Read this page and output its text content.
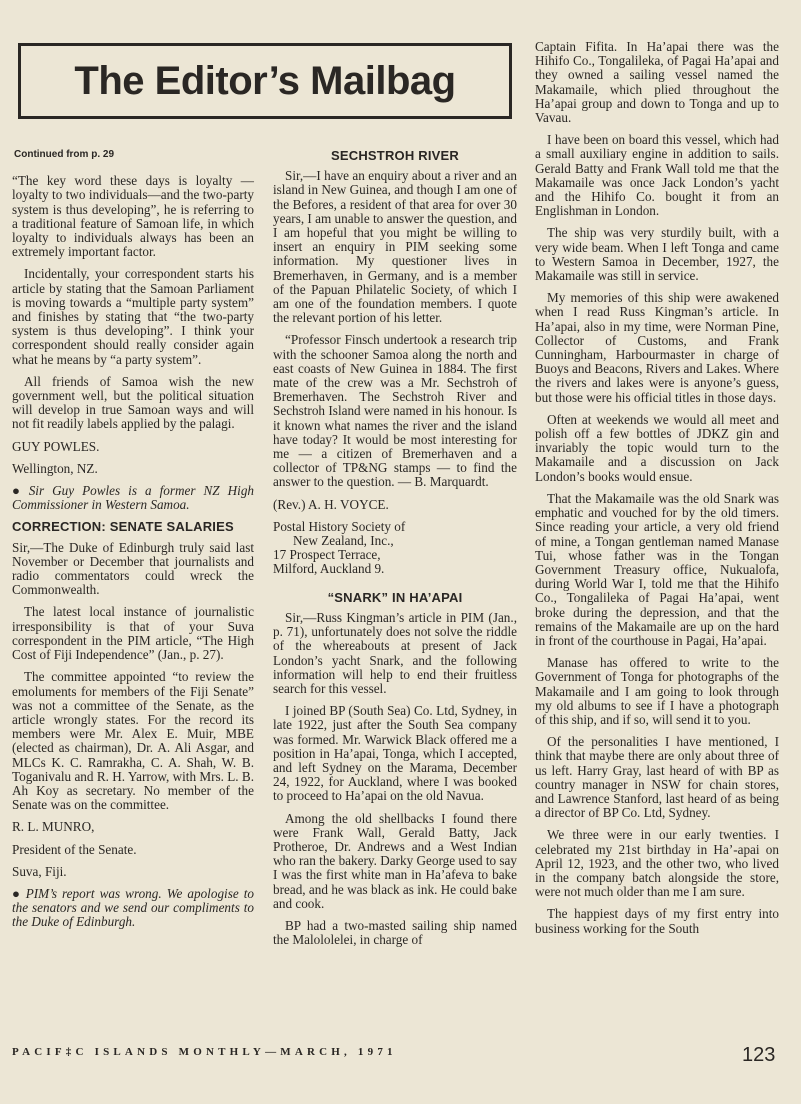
The Editor’s Mailbag
Continued from p. 29

“The key word these days is loyalty —loyalty to two individuals—and the two-party system is thus developing”, he is referring to a traditional feature of Samoan life, in which loyalty to individuals always has been an extremely important factor.

Incidentally, your correspondent starts his article by stating that the Samoan Parliament is moving towards a “multiple party system” and finishes by stating that “the two-party system is thus developing”. I think your correspondent should really consider again what he means by “a party system”.

All friends of Samoa wish the new government well, but the political situation will develop in true Samoan ways and will not fit readily labels applied by the palagi.

GUY POWLES.

Wellington, NZ.

● Sir Guy Powles is a former NZ High Commissioner in Western Samoa.

CORRECTION: SENATE SALARIES

Sir,—The Duke of Edinburgh truly said last November or December that journalists and radio commentators could wreck the Commonwealth.

The latest local instance of journalistic irresponsibility is that of your Suva correspondent in the PIM article, “The High Cost of Fiji Independence” (Jan., p. 27).

The committee appointed “to review the emoluments for members of the Fiji Senate” was not a committee of the Senate, as the article wrongly states. For the record its members were Mr. Alex E. Muir, MBE (elected as chairman), Dr. A. Ali Asgar, and MLCs K. C. Ramrakha, C. A. Shah, W. B. Toganivalu and R. H. Yarrow, with Mrs. L. B. Ah Koy as secretary. No member of the Senate was on the committee.

R. L. MUNRO,

President of the Senate.

Suva, Fiji.

● PIM’s report was wrong. We apologise to the senators and we send our compliments to the Duke of Edinburgh.

SECHSTROH RIVER

Sir,—I have an enquiry about a river and an island in New Guinea, and though I am one of the Befores, a resident of that area for over 30 years, I am unable to answer the question, and I am hopeful that you might be willing to insert an enquiry in PIM seeking some information. My questioner lives in Bremerhaven, in Germany, and is a member of the Papuan Philatelic Society, of which I am one of the foundation members. I quote the relevant portion of his letter.

“Professor Finsch undertook a research trip with the schooner Samoa along the north and east coasts of New Guinea in 1884. The first mate of the crew was a Mr. Sechstroh of Bremerhaven. The Sechstroh River and Sechstroh Island were named in his honour. Is it known what names the river and the island have today? It would be most interesting for me — a citizen of Bremerhaven and a collector of TP&NG stamps — to find the answer to the question. — B. Marquardt.

(Rev.) A. H. VOYCE.

Postal History Society of
New Zealand, Inc.,
17 Prospect Terrace,
Milford, Auckland 9.
“SNARK” IN HA’APAI

Sir,—Russ Kingman’s article in PIM (Jan., p. 71), unfortunately does not solve the riddle of the whereabouts at present of Jack London’s yacht Snark, and the following information will help to end their fruitless search for this vessel.

I joined BP (South Sea) Co. Ltd, Sydney, in late 1922, just after the South Sea company was formed. Mr. Warwick Black offered me a position in Ha’apai, Tonga, which I accepted, and left Sydney on the Marama, December 24, 1922, for Auckland, where I was booked to proceed to Ha’apai on the old Navua.

Among the old shellbacks I found there were Frank Wall, Gerald Batty, Jack Protheroe, Dr. Andrews and a West Indian who ran the bakery. Darky George used to say I was the first white man in Ha’afeva to bake bread, and he was black as ink. He could bake and cook.

BP had a two-masted sailing ship named the Malololelei, in charge of

Captain Fifita. In Ha’apai there was the Hihifo Co., Tongalileka, of Pagai Ha’apai and they owned a sailing vessel named the Makamaile, which plied throughout the Ha’apai group and down to Tonga and up to Vavau.

I have been on board this vessel, which had a small auxiliary engine in addition to sails. Gerald Batty and Frank Wall told me that the Makamaile was once Jack London’s yacht and the Hihifo Co. bought it from an Englishman in London.

The ship was very sturdily built, with a very wide beam. When I left Tonga and came to Western Samoa in December, 1927, the Makamaile was still in service.

My memories of this ship were awakened when I read Russ Kingman’s article. In Ha’apai, also in my time, were Norman Pine, Collector of Customs, and Frank Cunningham, Harbourmaster in charge of Buoys and Beacons, Rivers and Lakes. Where the rivers and lakes were is anyone’s guess, but those were his official titles in those days.

Often at weekends we would all meet and polish off a few bottles of JDKZ gin and invariably the topic would turn to the Makamaile and a discussion on Jack London’s books would ensue.

That the Makamaile was the old Snark was emphatic and vouched for by the old timers. Since reading your article, a very old friend of mine, a Tongan gentleman named Manase Tui, whose father was in the Tongan Government Treasury office, Nukualofa, during World War I, told me that the Hihifo Co., Tongalileka of Pagai Ha’apai, went broke during the depression, and that the remains of the Makamaile are up on the hard in front of the courthouse in Pagai, Ha’apai.

Manase has offered to write to the Government of Tonga for photographs of the Makamaile and I am going to look through my old albums to see if I have a photograph of this ship, and if so, will send it to you.

Of the personalities I have mentioned, I think that maybe there are only about three of us left. Harry Gray, last heard of with BP as country manager in NSW for chain stores, and Lawrence Stanford, last heard of as being a director of BP Co. Ltd, Sydney.

We three were in our early twenties. I celebrated my 21st birthday in Ha’-apai on April 12, 1923, and the other two, who lived in the company batch alongside the store, were not much older than me I am sure.

The happiest days of my first entry into business working for the South

PACIF‡C ISLANDS MONTHLY—MARCH, 1971	123
